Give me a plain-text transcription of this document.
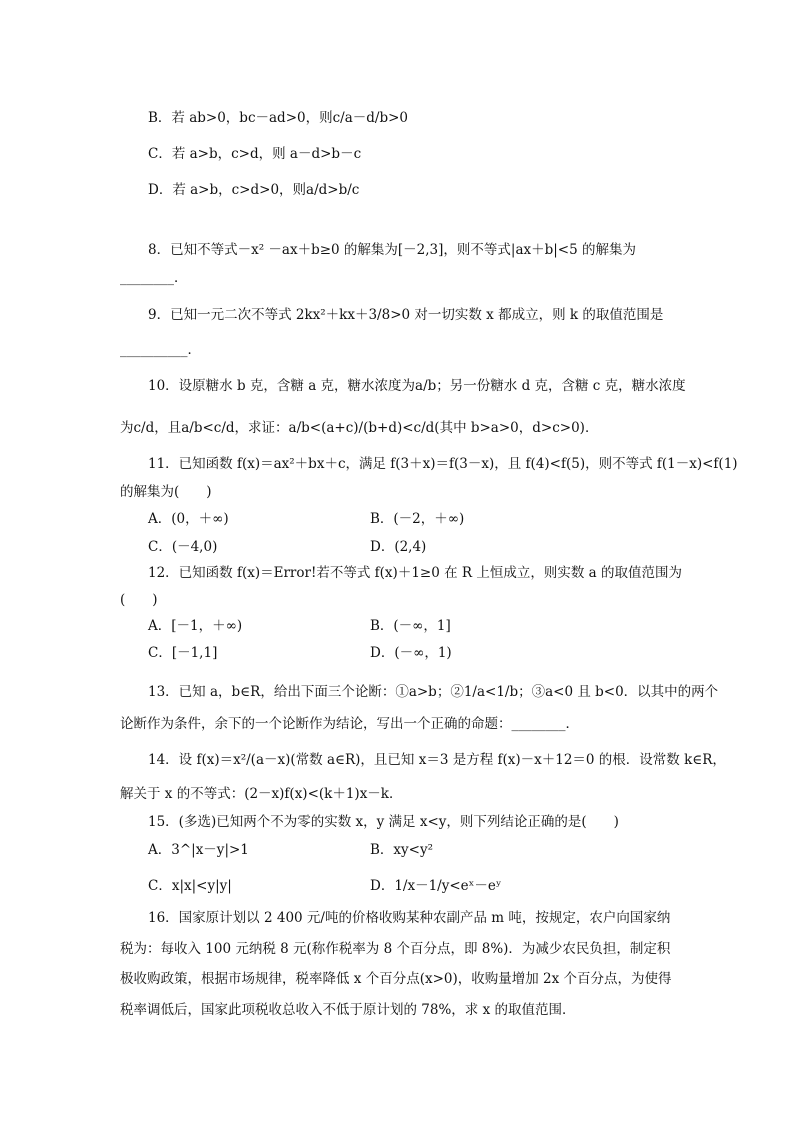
B．若 ab>0，bc－ad>0，则c/a－d/b>0
C．若 a>b，c>d，则 a－d>b－c
D．若 a>b，c>d>0，则a/d>b/c
8．已知不等式－x² －ax＋b≥0 的解集为[－2,3]，则不等式|ax＋b|<5 的解集为
________．
9．已知一元二次不等式 2kx²＋kx＋3/8>0 对一切实数 x 都成立，则 k 的取值范围是
__________．
10．设原糖水 b 克，含糖 a 克，糖水浓度为a/b；另一份糖水 d 克，含糖 c 克，糖水浓度
为c/d，且a/b<c/d，求证：a/b<(a+c)/(b+d)<c/d(其中 b>a>0，d>c>0)．
11．已知函数 f(x)＝ax²＋bx＋c，满足 f(3＋x)＝f(3－x)，且 f(4)<f(5)，则不等式 f(1－x)<f(1)
的解集为(　　)
A．(0，＋∞)	B．(－2，＋∞)
C．(－4,0)	D．(2,4)
12．已知函数 f(x)＝Error!若不等式 f(x)＋1≥0 在 R 上恒成立，则实数 a 的取值范围为
(　　)
A．[－1，＋∞)	B．(－∞，1]
C．[－1,1]	D．(－∞，1)
13．已知 a，b∈R，给出下面三个论断：①a>b；②1/a<1/b；③a<0 且 b<0．以其中的两个
论断作为条件，余下的一个论断作为结论，写出一个正确的命题：________．
14．设 f(x)＝x²/(a－x)(常数 a∈R)，且已知 x＝3 是方程 f(x)－x＋12＝0 的根．设常数 k∈R，
解关于 x 的不等式：(2－x)f(x)<(k＋1)x－k．
15．(多选)已知两个不为零的实数 x，y 满足 x<y，则下列结论正确的是(　　)
A．3^|x－y|>1	B．xy<y²
C．x|x|<y|y|	D．1/x－1/y<eˣ－eʸ
16．国家原计划以 2 400 元/吨的价格收购某种农副产品 m 吨，按规定，农户向国家纳
税为：每收入 100 元纳税 8 元(称作税率为 8 个百分点，即 8%)．为减少农民负担，制定积
极收购政策，根据市场规律，税率降低 x 个百分点(x>0)，收购量增加 2x 个百分点，为使得
税率调低后，国家此项税收总收入不低于原计划的 78%，求 x 的取值范围．
